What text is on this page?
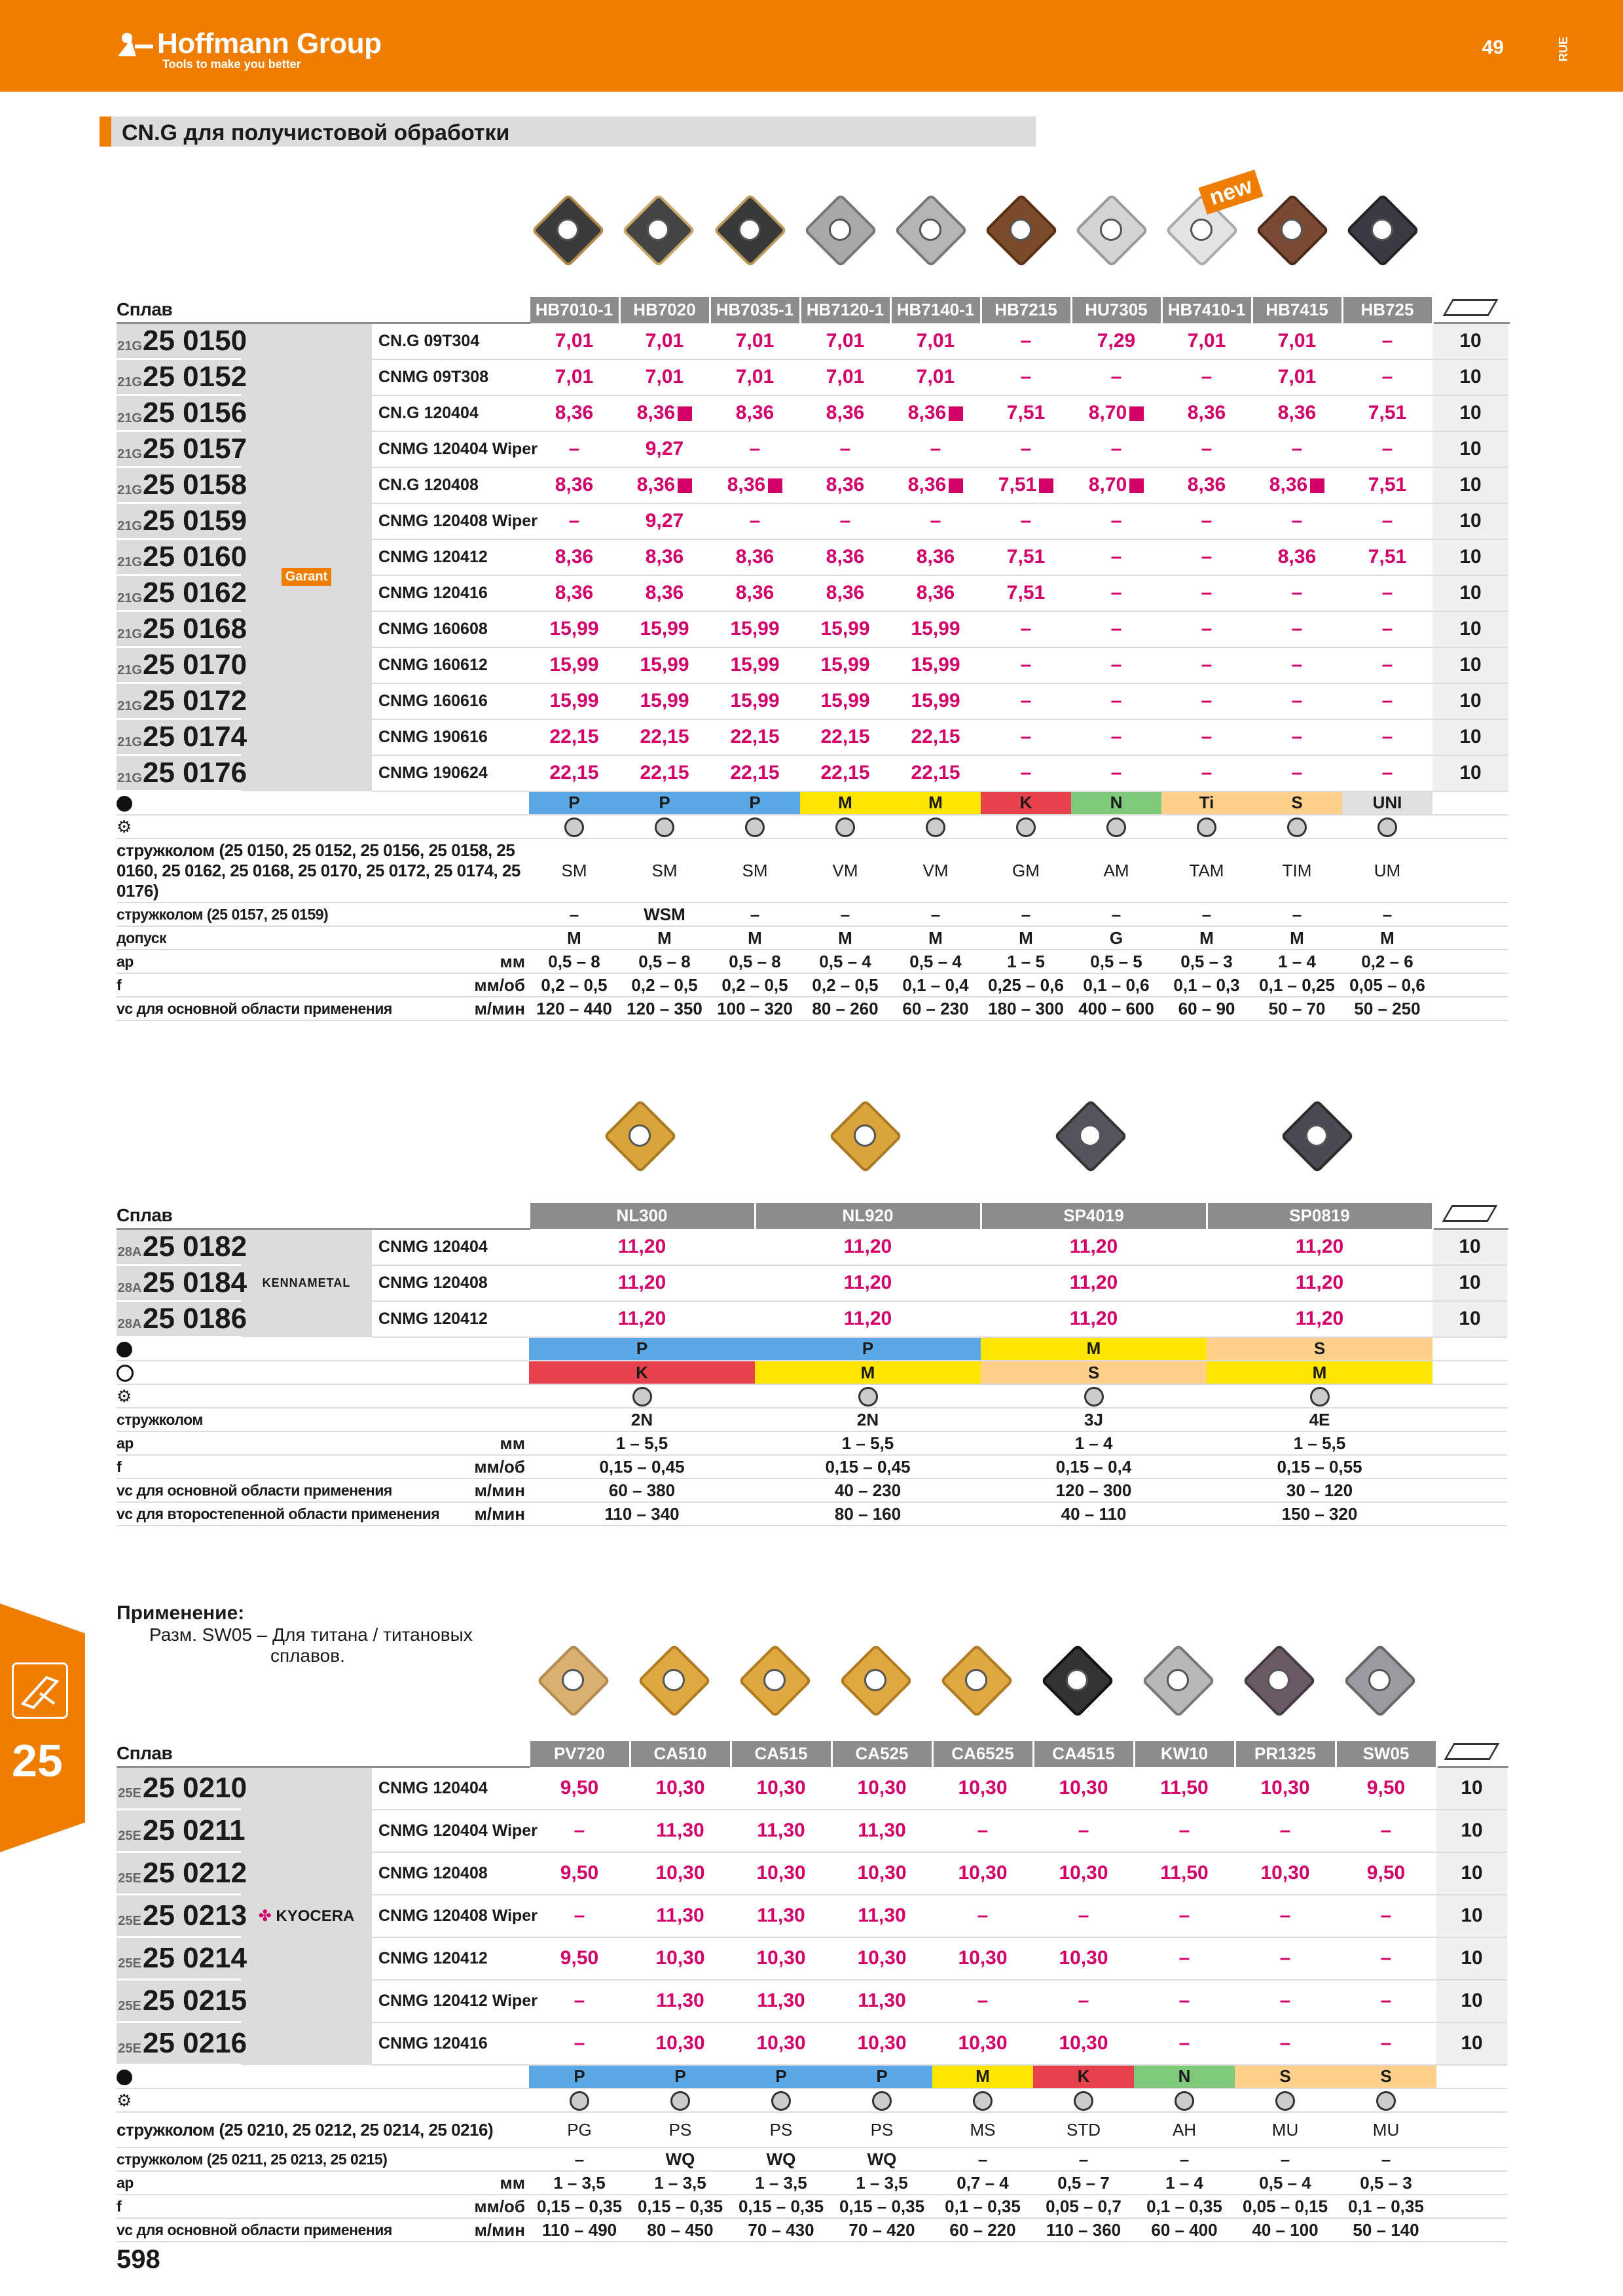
Hoffmann Group
Tools to make you better
49	RUE
CN.G для получистовой обработки
new
Сплав			HB7010-1	HB7020	HB7035-1	HB7120-1	HB7140-1	HB7215	HU7305	HB7410-1	HB7415	HB725	
21G25 0150	Garant	CN.G 09T304	7,01	7,01	7,01	7,01	7,01	–	7,29	7,01	7,01	–	10
21G25 0152		CNMG 09T308	7,01	7,01	7,01	7,01	7,01	–	–	–	7,01	–	10
21G25 0156		CN.G 120404	8,36	8,36	8,36	8,36	8,36	7,51	8,70	8,36	8,36	7,51	10
21G25 0157		CNMG 120404 Wiper	–	9,27	–	–	–	–	–	–	–	–	10
21G25 0158		CN.G 120408	8,36	8,36	8,36	8,36	8,36	7,51	8,70	8,36	8,36	7,51	10
21G25 0159		CNMG 120408 Wiper	–	9,27	–	–	–	–	–	–	–	–	10
21G25 0160		CNMG 120412	8,36	8,36	8,36	8,36	8,36	7,51	–	–	8,36	7,51	10
21G25 0162		CNMG 120416	8,36	8,36	8,36	8,36	8,36	7,51	–	–	–	–	10
21G25 0168		CNMG 160608	15,99	15,99	15,99	15,99	15,99	–	–	–	–	–	10
21G25 0170		CNMG 160612	15,99	15,99	15,99	15,99	15,99	–	–	–	–	–	10
21G25 0172		CNMG 160616	15,99	15,99	15,99	15,99	15,99	–	–	–	–	–	10
21G25 0174		CNMG 190616	22,15	22,15	22,15	22,15	22,15	–	–	–	–	–	10
21G25 0176		CNMG 190624	22,15	22,15	22,15	22,15	22,15	–	–	–	–	–	10
			P	P	P	M	M	K	N	Ti	S	UNI	
⚙													
стружколом (25 0150, 25 0152, 25 0156, 25 0158, 25 0160, 25 0162, 25 0168, 25 0170, 25 0172, 25 0174, 25 0176)			SM	SM	SM	VM	VM	GM	AM	TAM	TIM	UM	
стружколом (25 0157, 25 0159)			–	WSM	–	–	–	–	–	–	–	–	
допуск			M	M	M	M	M	M	G	M	M	M	
ap		мм	0,5 – 8	0,5 – 8	0,5 – 8	0,5 – 4	0,5 – 4	1 – 5	0,5 – 5	0,5 – 3	1 – 4	0,2 – 6	
f		мм/об	0,2 – 0,5	0,2 – 0,5	0,2 – 0,5	0,2 – 0,5	0,1 – 0,4	0,25 – 0,6	0,1 – 0,6	0,1 – 0,3	0,1 – 0,25	0,05 – 0,6	
vc для основной области применения		м/мин	120 – 440	120 – 350	100 – 320	80 – 260	60 – 230	180 – 300	400 – 600	60 – 90	50 – 70	50 – 250	
Сплав			NL300	NL920	SP4019	SP0819	
28A25 0182	KENNAMETAL	CNMG 120404	11,20	11,20	11,20	11,20	10
28A25 0184		CNMG 120408	11,20	11,20	11,20	11,20	10
28A25 0186		CNMG 120412	11,20	11,20	11,20	11,20	10
			P	P	M	S	
			K	M	S	M	
⚙							
стружколом			2N	2N	3J	4E	
ap		мм	1 – 5,5	1 – 5,5	1 – 4	1 – 5,5	
f		мм/об	0,15 – 0,45	0,15 – 0,45	0,15 – 0,4	0,15 – 0,55	
vc для основной области применения		м/мин	60 – 380	40 – 230	120 – 300	30 – 120	
vc для второстепенной области применения		м/мин	110 – 340	80 – 160	40 – 110	150 – 320	
25
Применение:
Разм. SW05 – Для титана / титановых
сплавов.
Сплав			PV720	CA510	CA515	CA525	CA6525	CA4515	KW10	PR1325	SW05	
25E25 0210	✤ KYOCERA	CNMG 120404	9,50	10,30	10,30	10,30	10,30	10,30	11,50	10,30	9,50	10
25E25 0211		CNMG 120404 Wiper	–	11,30	11,30	11,30	–	–	–	–	–	10
25E25 0212		CNMG 120408	9,50	10,30	10,30	10,30	10,30	10,30	11,50	10,30	9,50	10
25E25 0213		CNMG 120408 Wiper	–	11,30	11,30	11,30	–	–	–	–	–	10
25E25 0214		CNMG 120412	9,50	10,30	10,30	10,30	10,30	10,30	–	–	–	10
25E25 0215		CNMG 120412 Wiper	–	11,30	11,30	11,30	–	–	–	–	–	10
25E25 0216		CNMG 120416	–	10,30	10,30	10,30	10,30	10,30	–	–	–	10
			P	P	P	P	M	K	N	S	S	
⚙												
стружколом (25 0210, 25 0212, 25 0214, 25 0216)			PG	PS	PS	PS	MS	STD	AH	MU	MU	
стружколом (25 0211, 25 0213, 25 0215)			–	WQ	WQ	WQ	–	–	–	–	–	
ap		мм	1 – 3,5	1 – 3,5	1 – 3,5	1 – 3,5	0,7 – 4	0,5 – 7	1 – 4	0,5 – 4	0,5 – 3	
f		мм/об	0,15 – 0,35	0,15 – 0,35	0,15 – 0,35	0,15 – 0,35	0,1 – 0,35	0,05 – 0,7	0,1 – 0,35	0,05 – 0,15	0,1 – 0,35	
vc для основной области применения		м/мин	110 – 490	80 – 450	70 – 430	70 – 420	60 – 220	110 – 360	60 – 400	40 – 100	50 – 140	
598
